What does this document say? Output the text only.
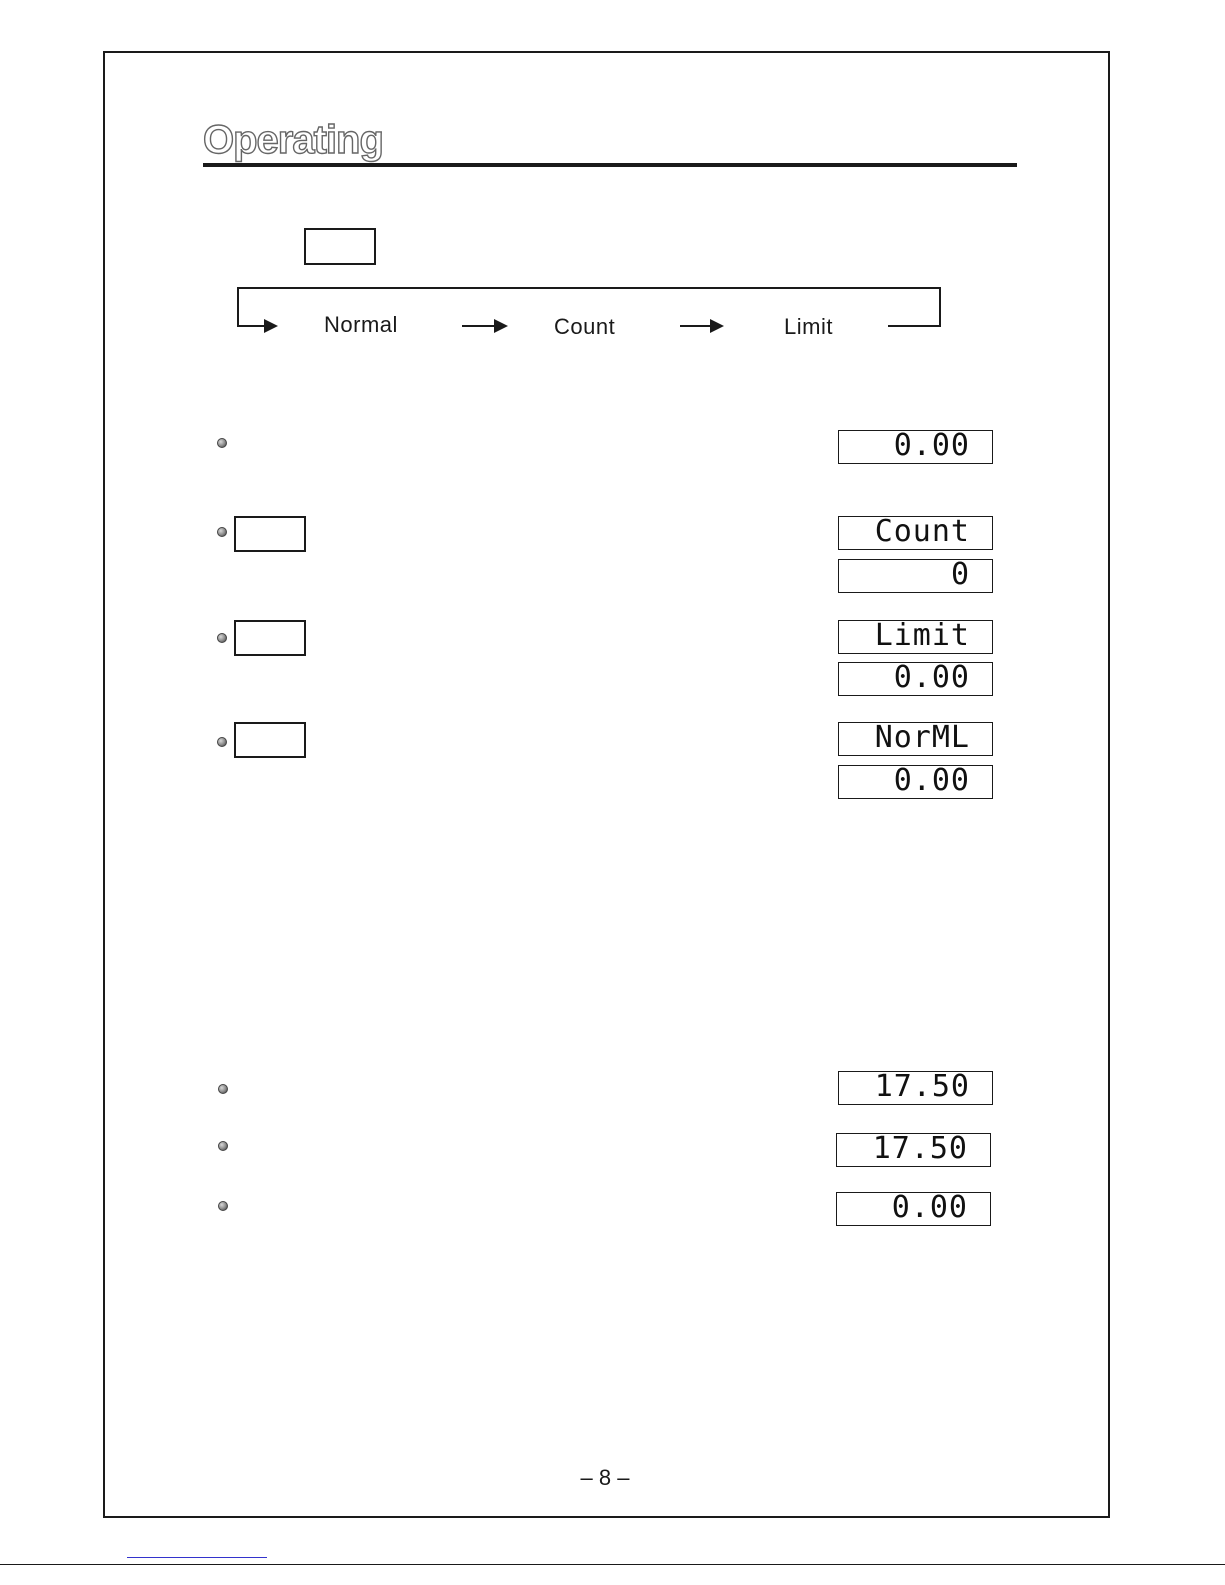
Operating
Normal	Count	Limit
0.00
Count
0
Limit
0.00
NorML
0.00
17.50
17.50
0.00
– 8 –
